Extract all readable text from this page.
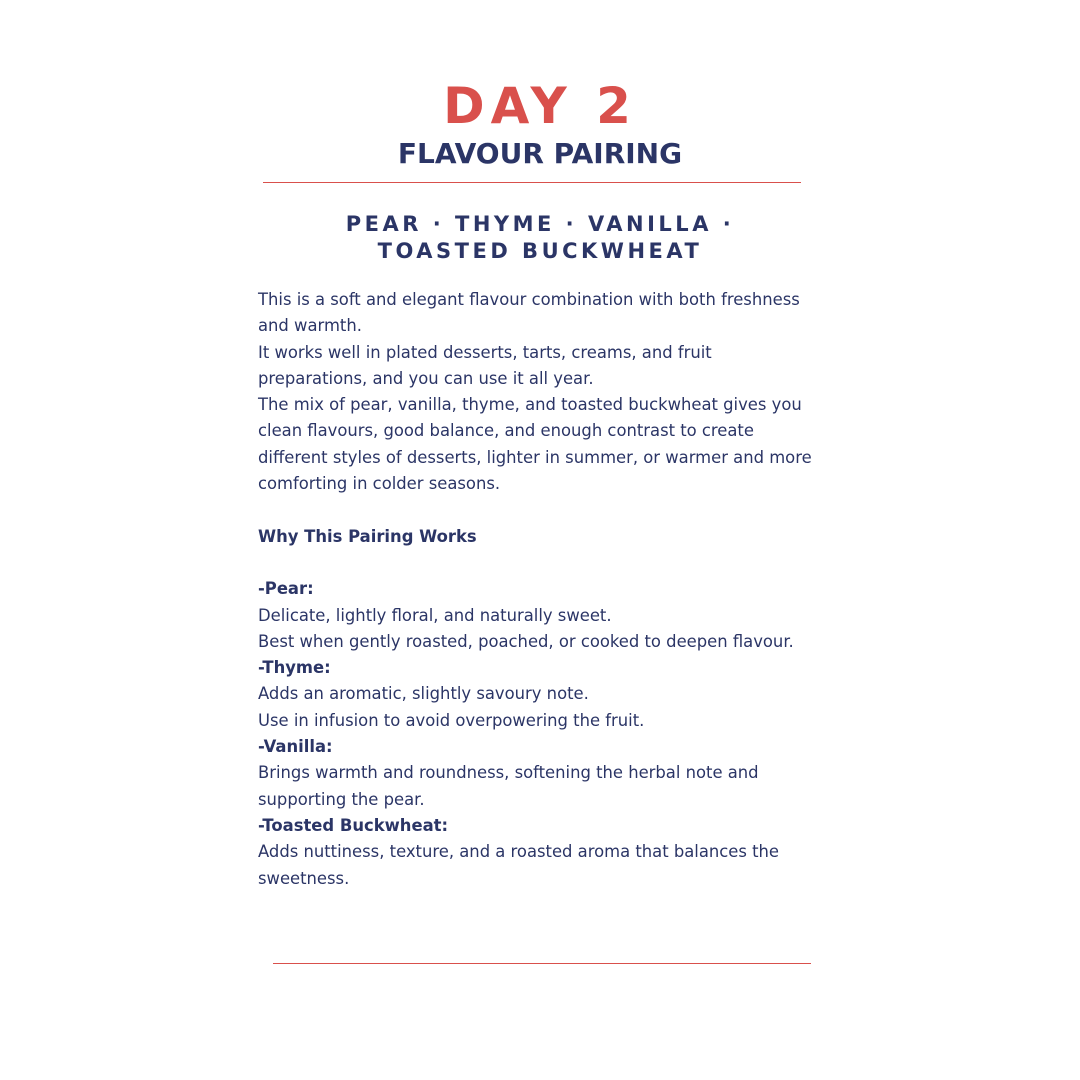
DAY 2
FLAVOUR PAIRING
PEAR · THYME · VANILLA ·
TOASTED BUCKWHEAT

This is a soft and elegant flavour combination with both freshness and warmth.

It works well in plated desserts, tarts, creams, and fruit preparations, and you can use it all year.

The mix of pear, vanilla, thyme, and toasted buckwheat gives you clean flavours, good balance, and enough contrast to create different styles of desserts, lighter in summer, or warmer and more comforting in colder seasons.

Why This Pairing Works

-Pear:

Delicate, lightly floral, and naturally sweet.

Best when gently roasted, poached, or cooked to deepen flavour.

-Thyme:

Adds an aromatic, slightly savoury note.

Use in infusion to avoid overpowering the fruit.

-Vanilla:

Brings warmth and roundness, softening the herbal note and supporting the pear.

-Toasted Buckwheat:

Adds nuttiness, texture, and a roasted aroma that balances the sweetness.
